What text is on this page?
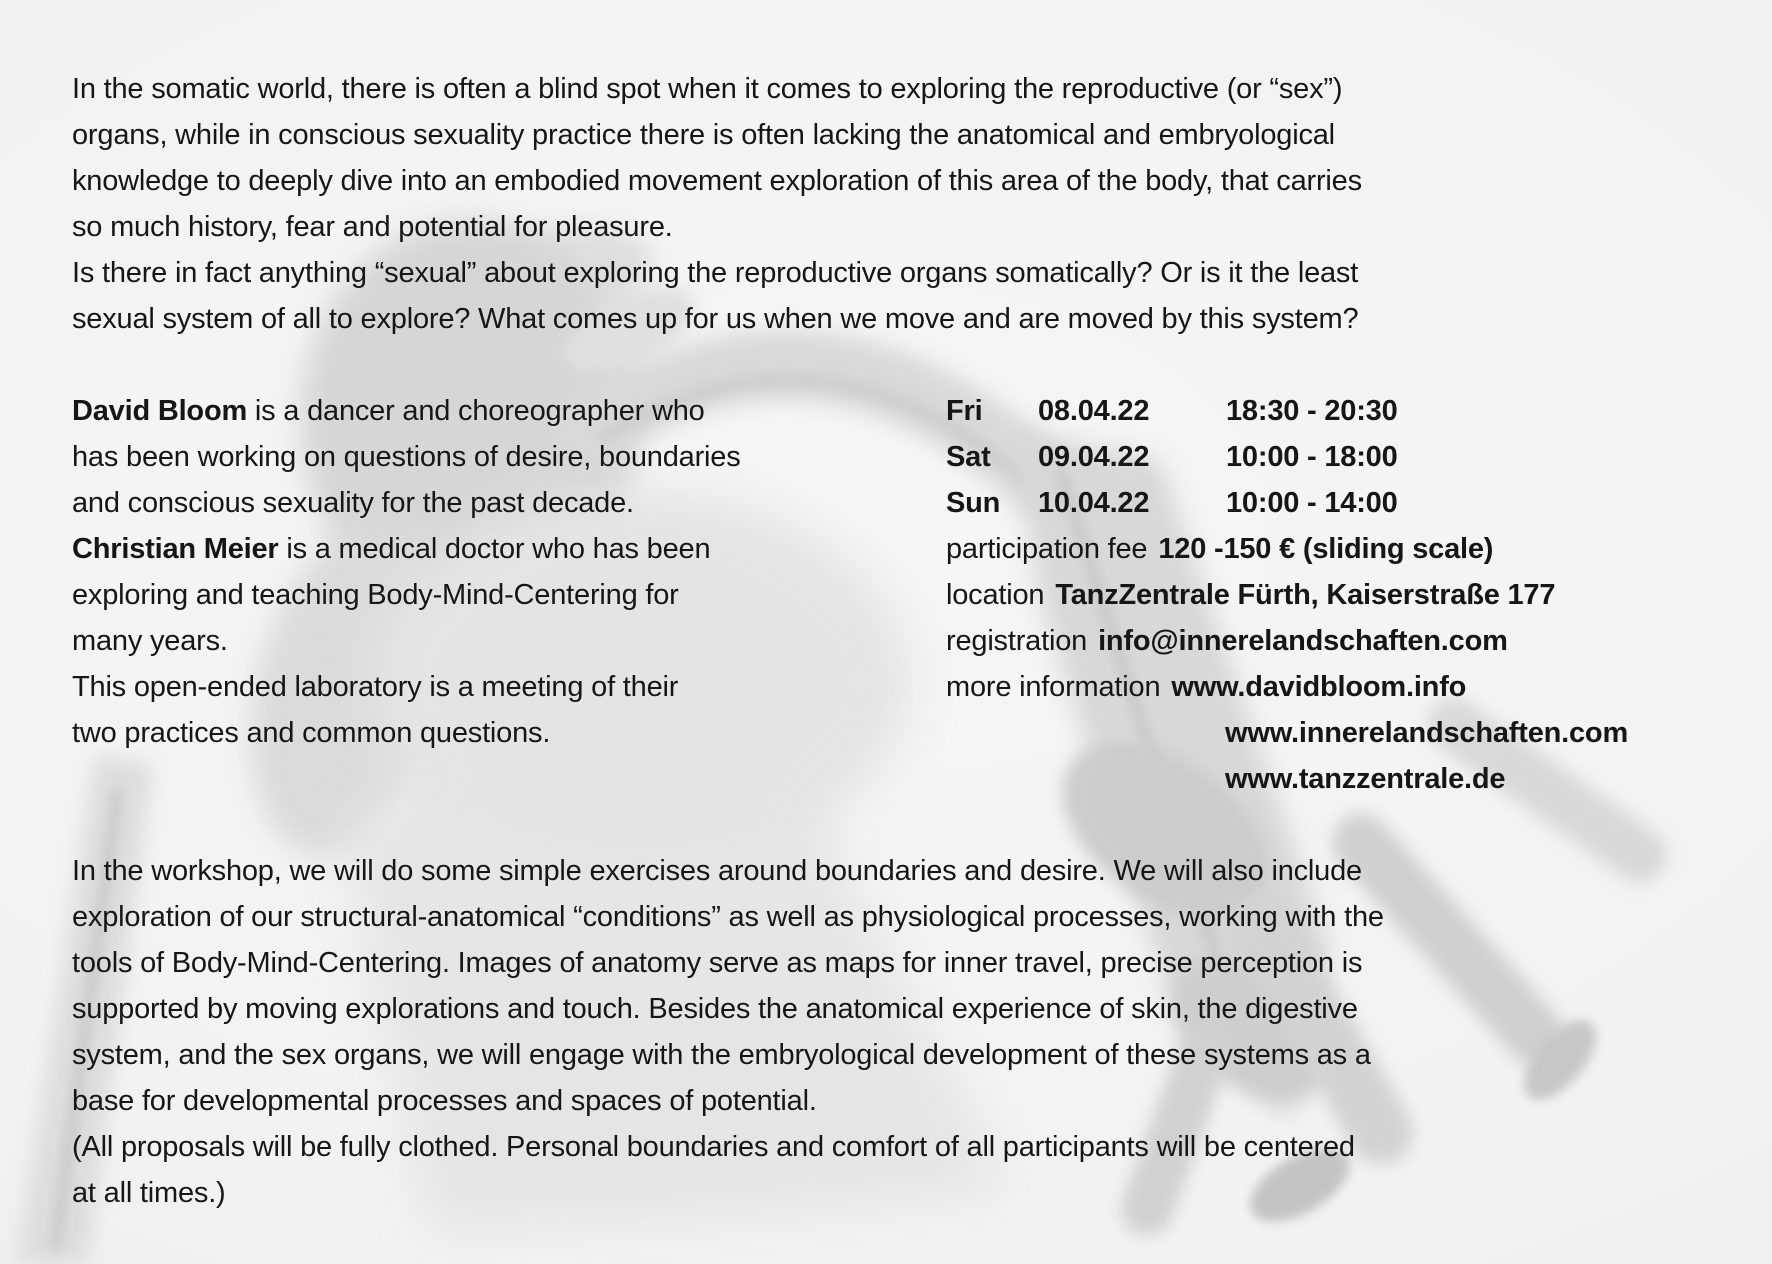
In the somatic world, there is often a blind spot when it comes to exploring the reproductive (or “sex”)
organs, while in conscious sexuality practice there is often lacking the anatomical and embryological
knowledge to deeply dive into an embodied movement exploration of this area of the body, that carries
so much history, fear and potential for pleasure.
Is there in fact anything “sexual” about exploring the reproductive organs somatically? Or is it the least
sexual system of all to explore? What comes up for us when we move and are moved by this system?
David Bloom is a dancer and choreographer who
has been working on questions of desire, boundaries
and conscious sexuality for the past decade.
Christian Meier is a medical doctor who has been
exploring and teaching Body-Mind-Centering for
many years.
This open-ended laboratory is a meeting of their
two practices and common questions.
Fri 08.04.22	18:30 - 20:30
Sat 09.04.22	10:00 - 18:00
Sun 10.04.22	10:00 - 14:00
participation fee 120 -150 € (sliding scale)
location TanzZentrale Fürth, Kaiserstraße 177
registration info@innerelandschaften.com
more information www.davidbloom.info
www.innerelandschaften.com
www.tanzzentrale.de
In the workshop, we will do some simple exercises around boundaries and desire. We will also include
exploration of our structural-anatomical “conditions” as well as physiological processes, working with the
tools of Body-Mind-Centering. Images of anatomy serve as maps for inner travel, precise perception is
supported by moving explorations and touch. Besides the anatomical experience of skin, the digestive
system, and the sex organs, we will engage with the embryological development of these systems as a
base for developmental processes and spaces of potential.
(All proposals will be fully clothed. Personal boundaries and comfort of all participants will be centered
at all times.)
